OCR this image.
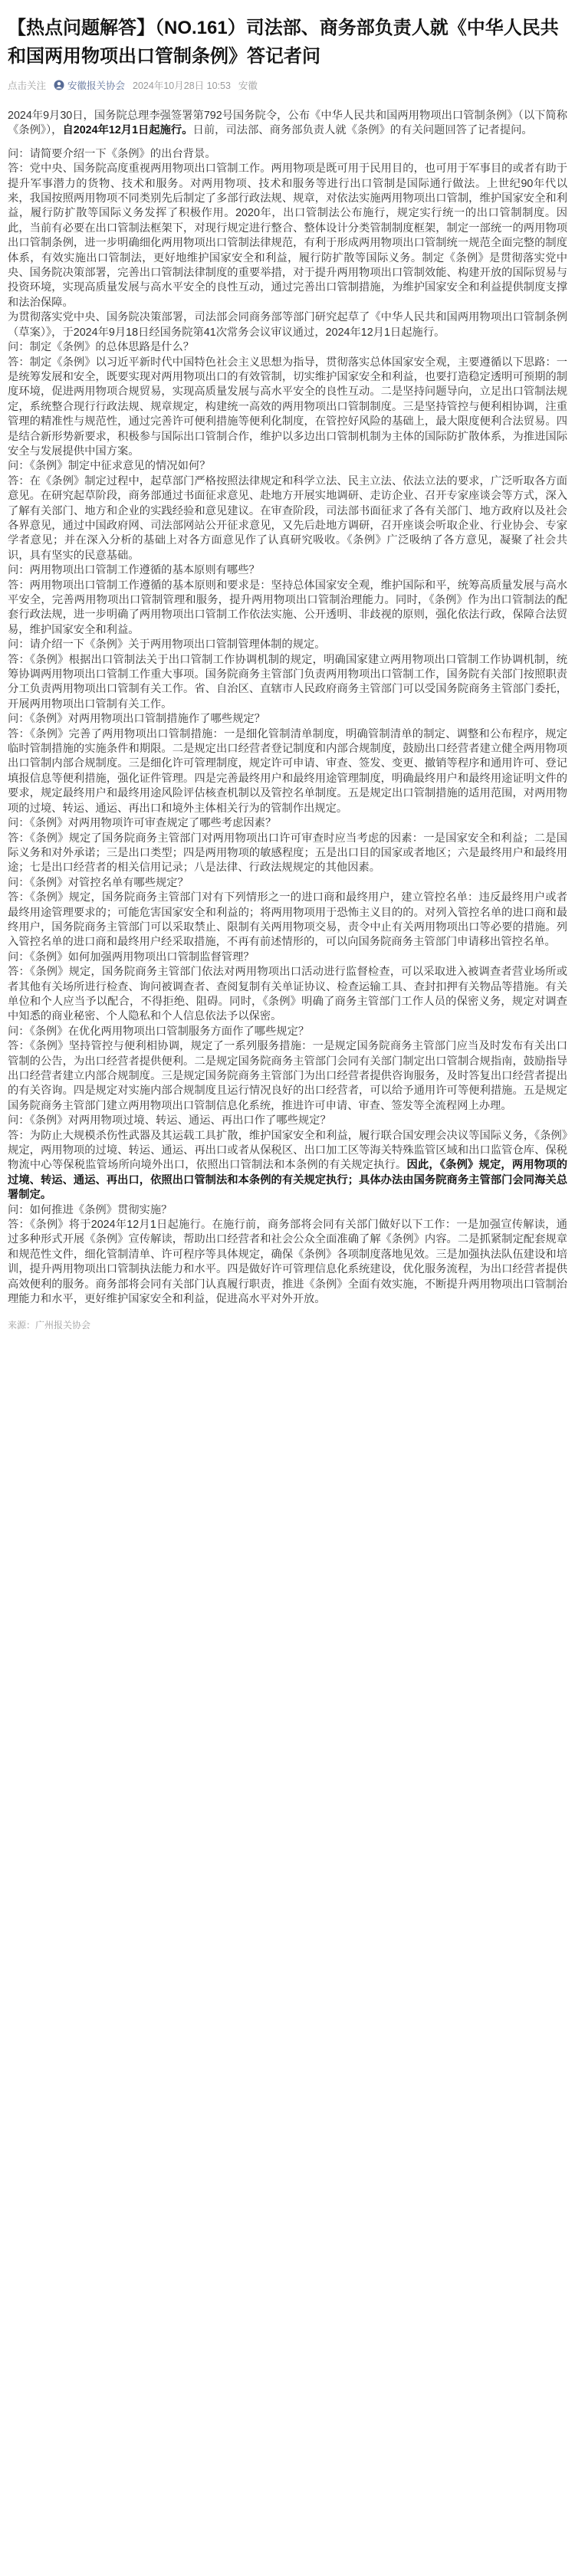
【热点问题解答】（NO.161）司法部、商务部负责人就《中华人民共和国两用物项出口管制条例》答记者问
点击关注 安徽报关协会 2024年10月28日 10:53 安徽

2024年9月30日，国务院总理李强签署第792号国务院令，公布《中华人民共和国两用物项出口管制条例》（以下简称《条例》），自2024年12月1日起施行。日前，司法部、商务部负责人就《条例》的有关问题回答了记者提问。

问：请简要介绍一下《条例》的出台背景。

答：党中央、国务院高度重视两用物项出口管制工作。两用物项是既可用于民用目的，也可用于军事目的或者有助于提升军事潜力的货物、技术和服务。对两用物项、技术和服务等进行出口管制是国际通行做法。上世纪90年代以来，我国按照两用物项不同类别先后制定了多部行政法规、规章，对依法实施两用物项出口管制，维护国家安全和利益，履行防扩散等国际义务发挥了积极作用。2020年，出口管制法公布施行，规定实行统一的出口管制制度。因此，当前有必要在出口管制法框架下，对现行规定进行整合、整体设计分类管制制度框架，制定一部统一的两用物项出口管制条例，进一步明确细化两用物项出口管制法律规范，有利于形成两用物项出口管制统一规范全面完整的制度体系，有效实施出口管制法，更好地维护国家安全和利益，履行防扩散等国际义务。制定《条例》是贯彻落实党中央、国务院决策部署，完善出口管制法律制度的重要举措，对于提升两用物项出口管制效能、构建开放的国际贸易与投资环境，实现高质量发展与高水平安全的良性互动，通过完善出口管制措施，为维护国家安全和利益提供制度支撑和法治保障。

为贯彻落实党中央、国务院决策部署，司法部会同商务部等部门研究起草了《中华人民共和国两用物项出口管制条例（草案）》，于2024年9月18日经国务院第41次常务会议审议通过，2024年12月1日起施行。

问：制定《条例》的总体思路是什么？

答：制定《条例》以习近平新时代中国特色社会主义思想为指导，贯彻落实总体国家安全观，主要遵循以下思路：一是统筹发展和安全，既要实现对两用物项出口的有效管制，切实维护国家安全和利益，也要打造稳定透明可预期的制度环境，促进两用物项合规贸易，实现高质量发展与高水平安全的良性互动。二是坚持问题导向，立足出口管制法规定，系统整合现行行政法规、规章规定，构建统一高效的两用物项出口管制制度。三是坚持管控与便利相协调，注重管理的精准性与规范性，通过完善许可便利措施等便利化制度，在管控好风险的基础上，最大限度便利合法贸易。四是结合新形势新要求，积极参与国际出口管制合作，维护以多边出口管制机制为主体的国际防扩散体系，为推进国际安全与发展提供中国方案。

问：《条例》制定中征求意见的情况如何？

答：在《条例》制定过程中，起草部门严格按照法律规定和科学立法、民主立法、依法立法的要求，广泛听取各方面意见。在研究起草阶段，商务部通过书面征求意见、赴地方开展实地调研、走访企业、召开专家座谈会等方式，深入了解有关部门、地方和企业的实践经验和意见建议。在审查阶段，司法部书面征求了各有关部门、地方政府以及社会各界意见，通过中国政府网、司法部网站公开征求意见，又先后赴地方调研，召开座谈会听取企业、行业协会、专家学者意见；并在深入分析的基础上对各方面意见作了认真研究吸收。《条例》广泛吸纳了各方意见，凝聚了社会共识，具有坚实的民意基础。

问：两用物项出口管制工作遵循的基本原则有哪些？

答：两用物项出口管制工作遵循的基本原则和要求是：坚持总体国家安全观，维护国际和平，统筹高质量发展与高水平安全，完善两用物项出口管制管理和服务，提升两用物项出口管制治理能力。同时，《条例》作为出口管制法的配套行政法规，进一步明确了两用物项出口管制工作依法实施、公开透明、非歧视的原则，强化依法行政，保障合法贸易，维护国家安全和利益。

问：请介绍一下《条例》关于两用物项出口管制管理体制的规定。

答：《条例》根据出口管制法关于出口管制工作协调机制的规定，明确国家建立两用物项出口管制工作协调机制，统筹协调两用物项出口管制工作重大事项。国务院商务主管部门负责两用物项出口管制工作，国务院有关部门按照职责分工负责两用物项出口管制有关工作。省、自治区、直辖市人民政府商务主管部门可以受国务院商务主管部门委托，开展两用物项出口管制有关工作。

问：《条例》对两用物项出口管制措施作了哪些规定？

答：《条例》完善了两用物项出口管制措施：一是细化管制清单制度，明确管制清单的制定、调整和公布程序，规定临时管制措施的实施条件和期限。二是规定出口经营者登记制度和内部合规制度，鼓励出口经营者建立健全两用物项出口管制内部合规制度。三是细化许可管理制度，规定许可申请、审查、签发、变更、撤销等程序和通用许可、登记填报信息等便利措施，强化证件管理。四是完善最终用户和最终用途管理制度，明确最终用户和最终用途证明文件的要求，规定最终用户和最终用途风险评估核查机制以及管控名单制度。五是规定出口管制措施的适用范围，对两用物项的过境、转运、通运、再出口和境外主体相关行为的管制作出规定。

问：《条例》对两用物项许可审查规定了哪些考虑因素？

答：《条例》规定了国务院商务主管部门对两用物项出口许可审查时应当考虑的因素：一是国家安全和利益；二是国际义务和对外承诺；三是出口类型；四是两用物项的敏感程度；五是出口目的国家或者地区；六是最终用户和最终用途；七是出口经营者的相关信用记录；八是法律、行政法规规定的其他因素。

问：《条例》对管控名单有哪些规定？

答：《条例》规定，国务院商务主管部门对有下列情形之一的进口商和最终用户，建立管控名单：违反最终用户或者最终用途管理要求的；可能危害国家安全和利益的；将两用物项用于恐怖主义目的的。对列入管控名单的进口商和最终用户，国务院商务主管部门可以采取禁止、限制有关两用物项交易，责令中止有关两用物项出口等必要的措施。列入管控名单的进口商和最终用户经采取措施，不再有前述情形的，可以向国务院商务主管部门申请移出管控名单。

问：《条例》如何加强两用物项出口管制监督管理？

答：《条例》规定，国务院商务主管部门依法对两用物项出口活动进行监督检查，可以采取进入被调查者营业场所或者其他有关场所进行检查、询问被调查者、查阅复制有关单证协议、检查运输工具、查封扣押有关物品等措施。有关单位和个人应当予以配合，不得拒绝、阻碍。同时，《条例》明确了商务主管部门工作人员的保密义务，规定对调查中知悉的商业秘密、个人隐私和个人信息依法予以保密。

问：《条例》在优化两用物项出口管制服务方面作了哪些规定？

答：《条例》坚持管控与便利相协调，规定了一系列服务措施：一是规定国务院商务主管部门应当及时发布有关出口管制的公告，为出口经营者提供便利。二是规定国务院商务主管部门会同有关部门制定出口管制合规指南，鼓励指导出口经营者建立内部合规制度。三是规定国务院商务主管部门为出口经营者提供咨询服务，及时答复出口经营者提出的有关咨询。四是规定对实施内部合规制度且运行情况良好的出口经营者，可以给予通用许可等便利措施。五是规定国务院商务主管部门建立两用物项出口管制信息化系统，推进许可申请、审查、签发等全流程网上办理。

问：《条例》对两用物项过境、转运、通运、再出口作了哪些规定？

答：为防止大规模杀伤性武器及其运载工具扩散，维护国家安全和利益，履行联合国安理会决议等国际义务，《条例》规定，两用物项的过境、转运、通运、再出口或者从保税区、出口加工区等海关特殊监管区域和出口监管仓库、保税物流中心等保税监管场所向境外出口，依照出口管制法和本条例的有关规定执行。因此，《条例》规定，两用物项的过境、转运、通运、再出口，依照出口管制法和本条例的有关规定执行；具体办法由国务院商务主管部门会同海关总署制定。

问：如何推进《条例》贯彻实施？

答：《条例》将于2024年12月1日起施行。在施行前，商务部将会同有关部门做好以下工作：一是加强宣传解读，通过多种形式开展《条例》宣传解读，帮助出口经营者和社会公众全面准确了解《条例》内容。二是抓紧制定配套规章和规范性文件，细化管制清单、许可程序等具体规定，确保《条例》各项制度落地见效。三是加强执法队伍建设和培训，提升两用物项出口管制执法能力和水平。四是做好许可管理信息化系统建设，优化服务流程，为出口经营者提供高效便利的服务。商务部将会同有关部门认真履行职责，推进《条例》全面有效实施，不断提升两用物项出口管制治理能力和水平，更好维护国家安全和利益，促进高水平对外开放。

来源：广州报关协会
